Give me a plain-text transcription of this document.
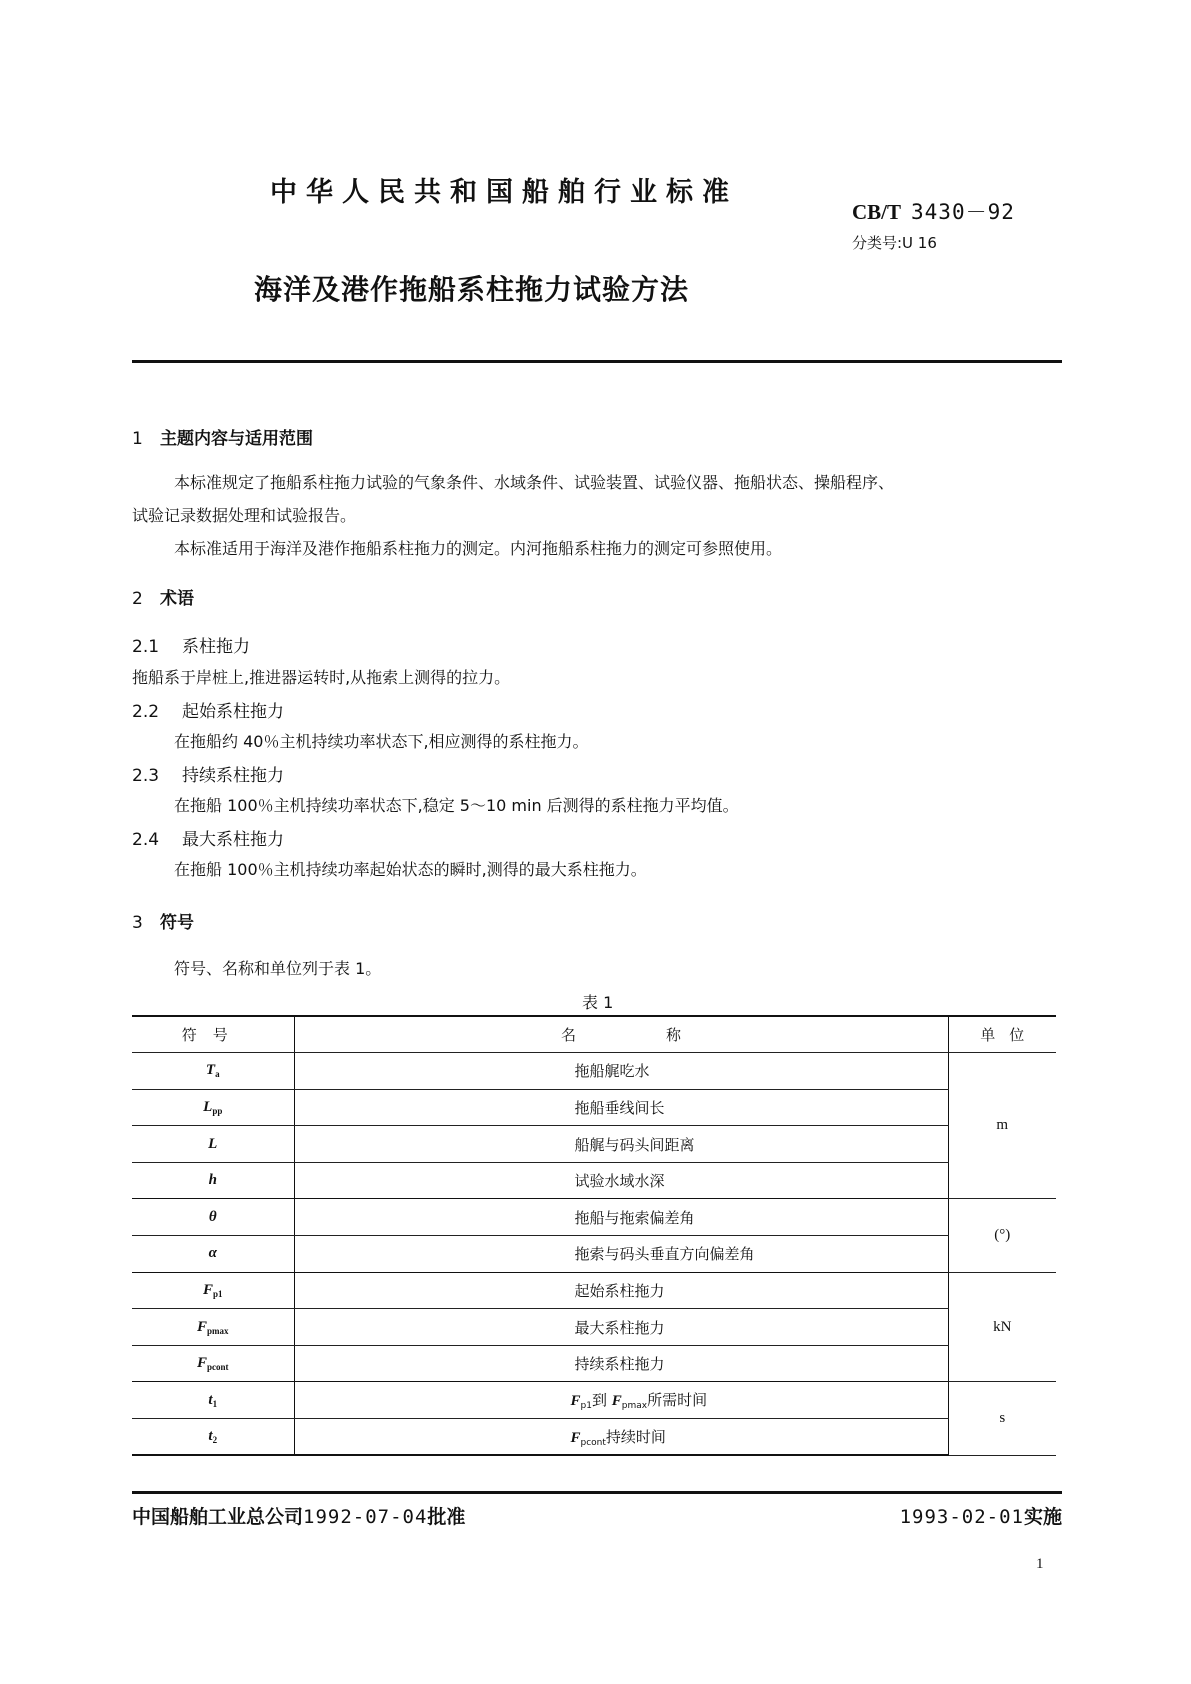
中华人民共和国船舶行业标准
CB/T 3430－92
分类号:U 16
海洋及港作拖船系柱拖力试验方法
1 主题内容与适用范围
本标准规定了拖船系柱拖力试验的气象条件、水域条件、试验装置、试验仪器、拖船状态、操船程序、
试验记录数据处理和试验报告。
本标准适用于海洋及港作拖船系柱拖力的测定。内河拖船系柱拖力的测定可参照使用。
2 术语
2.1 系柱拖力
拖船系于岸桩上,推进器运转时,从拖索上测得的拉力。
2.2 起始系柱拖力
在拖船约 40％主机持续功率状态下,相应测得的系柱拖力。
2.3 持续系柱拖力
在拖船 100％主机持续功率状态下,稳定 5～10 min 后测得的系柱拖力平均值。
2.4 最大系柱拖力
在拖船 100％主机持续功率起始状态的瞬时,测得的最大系柱拖力。
3 符号
符号、名称和单位列于表 1。
表 1
符号	名 称	单位
$T_a$	拖船艉吃水	m
$L_{pp}$	拖船垂线间长	
L	船艉与码头间距离	
h	试验水域水深	
θ	拖船与拖索偏差角	(°)
α	拖索与码头垂直方向偏差角	
$F_{p1}$	起始系柱拖力	kN
$F_{pmax}$	最大系柱拖力	
$F_{pcont}$	持续系柱拖力	
$t_1$	$F_{p1}$到 $F_{pmax}$所需时间	s
$t_2$	$F_{pcont}$持续时间	
中国船舶工业总公司1992-07-04批准	1993-02-01实施
1
